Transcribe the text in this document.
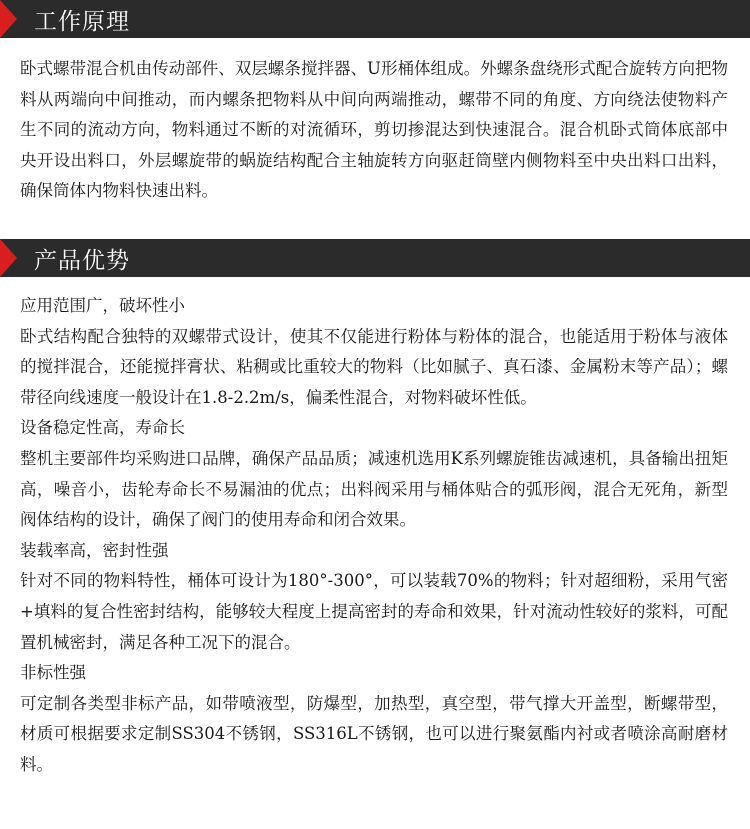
工作原理

卧式螺带混合机由传动部件、双层螺条搅拌器、U形桶体组成。外螺条盘绕形式配合旋转方向把物料从两端向中间推动，而内螺条把物料从中间向两端推动，螺带不同的角度、方向绕法使物料产生不同的流动方向，物料通过不断的对流循环，剪切掺混达到快速混合。混合机卧式筒体底部中央开设出料口，外层螺旋带的蜗旋结构配合主轴旋转方向驱赶筒壁内侧物料至中央出料口出料，确保筒体内物料快速出料。

产品优势

应用范围广，破坏性小

卧式结构配合独特的双螺带式设计，使其不仅能进行粉体与粉体的混合，也能适用于粉体与液体的搅拌混合，还能搅拌膏状、粘稠或比重较大的物料（比如腻子、真石漆、金属粉末等产品）；螺带径向线速度一般设计在1.8-2.2m/s，偏柔性混合，对物料破坏性低。

设备稳定性高，寿命长

整机主要部件均采购进口品牌，确保产品品质；减速机选用K系列螺旋锥齿减速机，具备输出扭矩高，噪音小，齿轮寿命长不易漏油的优点；出料阀采用与桶体贴合的弧形阀，混合无死角，新型阀体结构的设计，确保了阀门的使用寿命和闭合效果。

装载率高，密封性强

针对不同的物料特性，桶体可设计为180°-300°，可以装载70%的物料；针对超细粉，采用气密+填料的复合性密封结构，能够较大程度上提高密封的寿命和效果，针对流动性较好的浆料，可配置机械密封，满足各种工况下的混合。

非标性强

可定制各类型非标产品，如带喷液型，防爆型，加热型，真空型，带气撑大开盖型，断螺带型，材质可根据要求定制SS304不锈钢，SS316L不锈钢，也可以进行聚氨酯内衬或者喷涂高耐磨材料。
